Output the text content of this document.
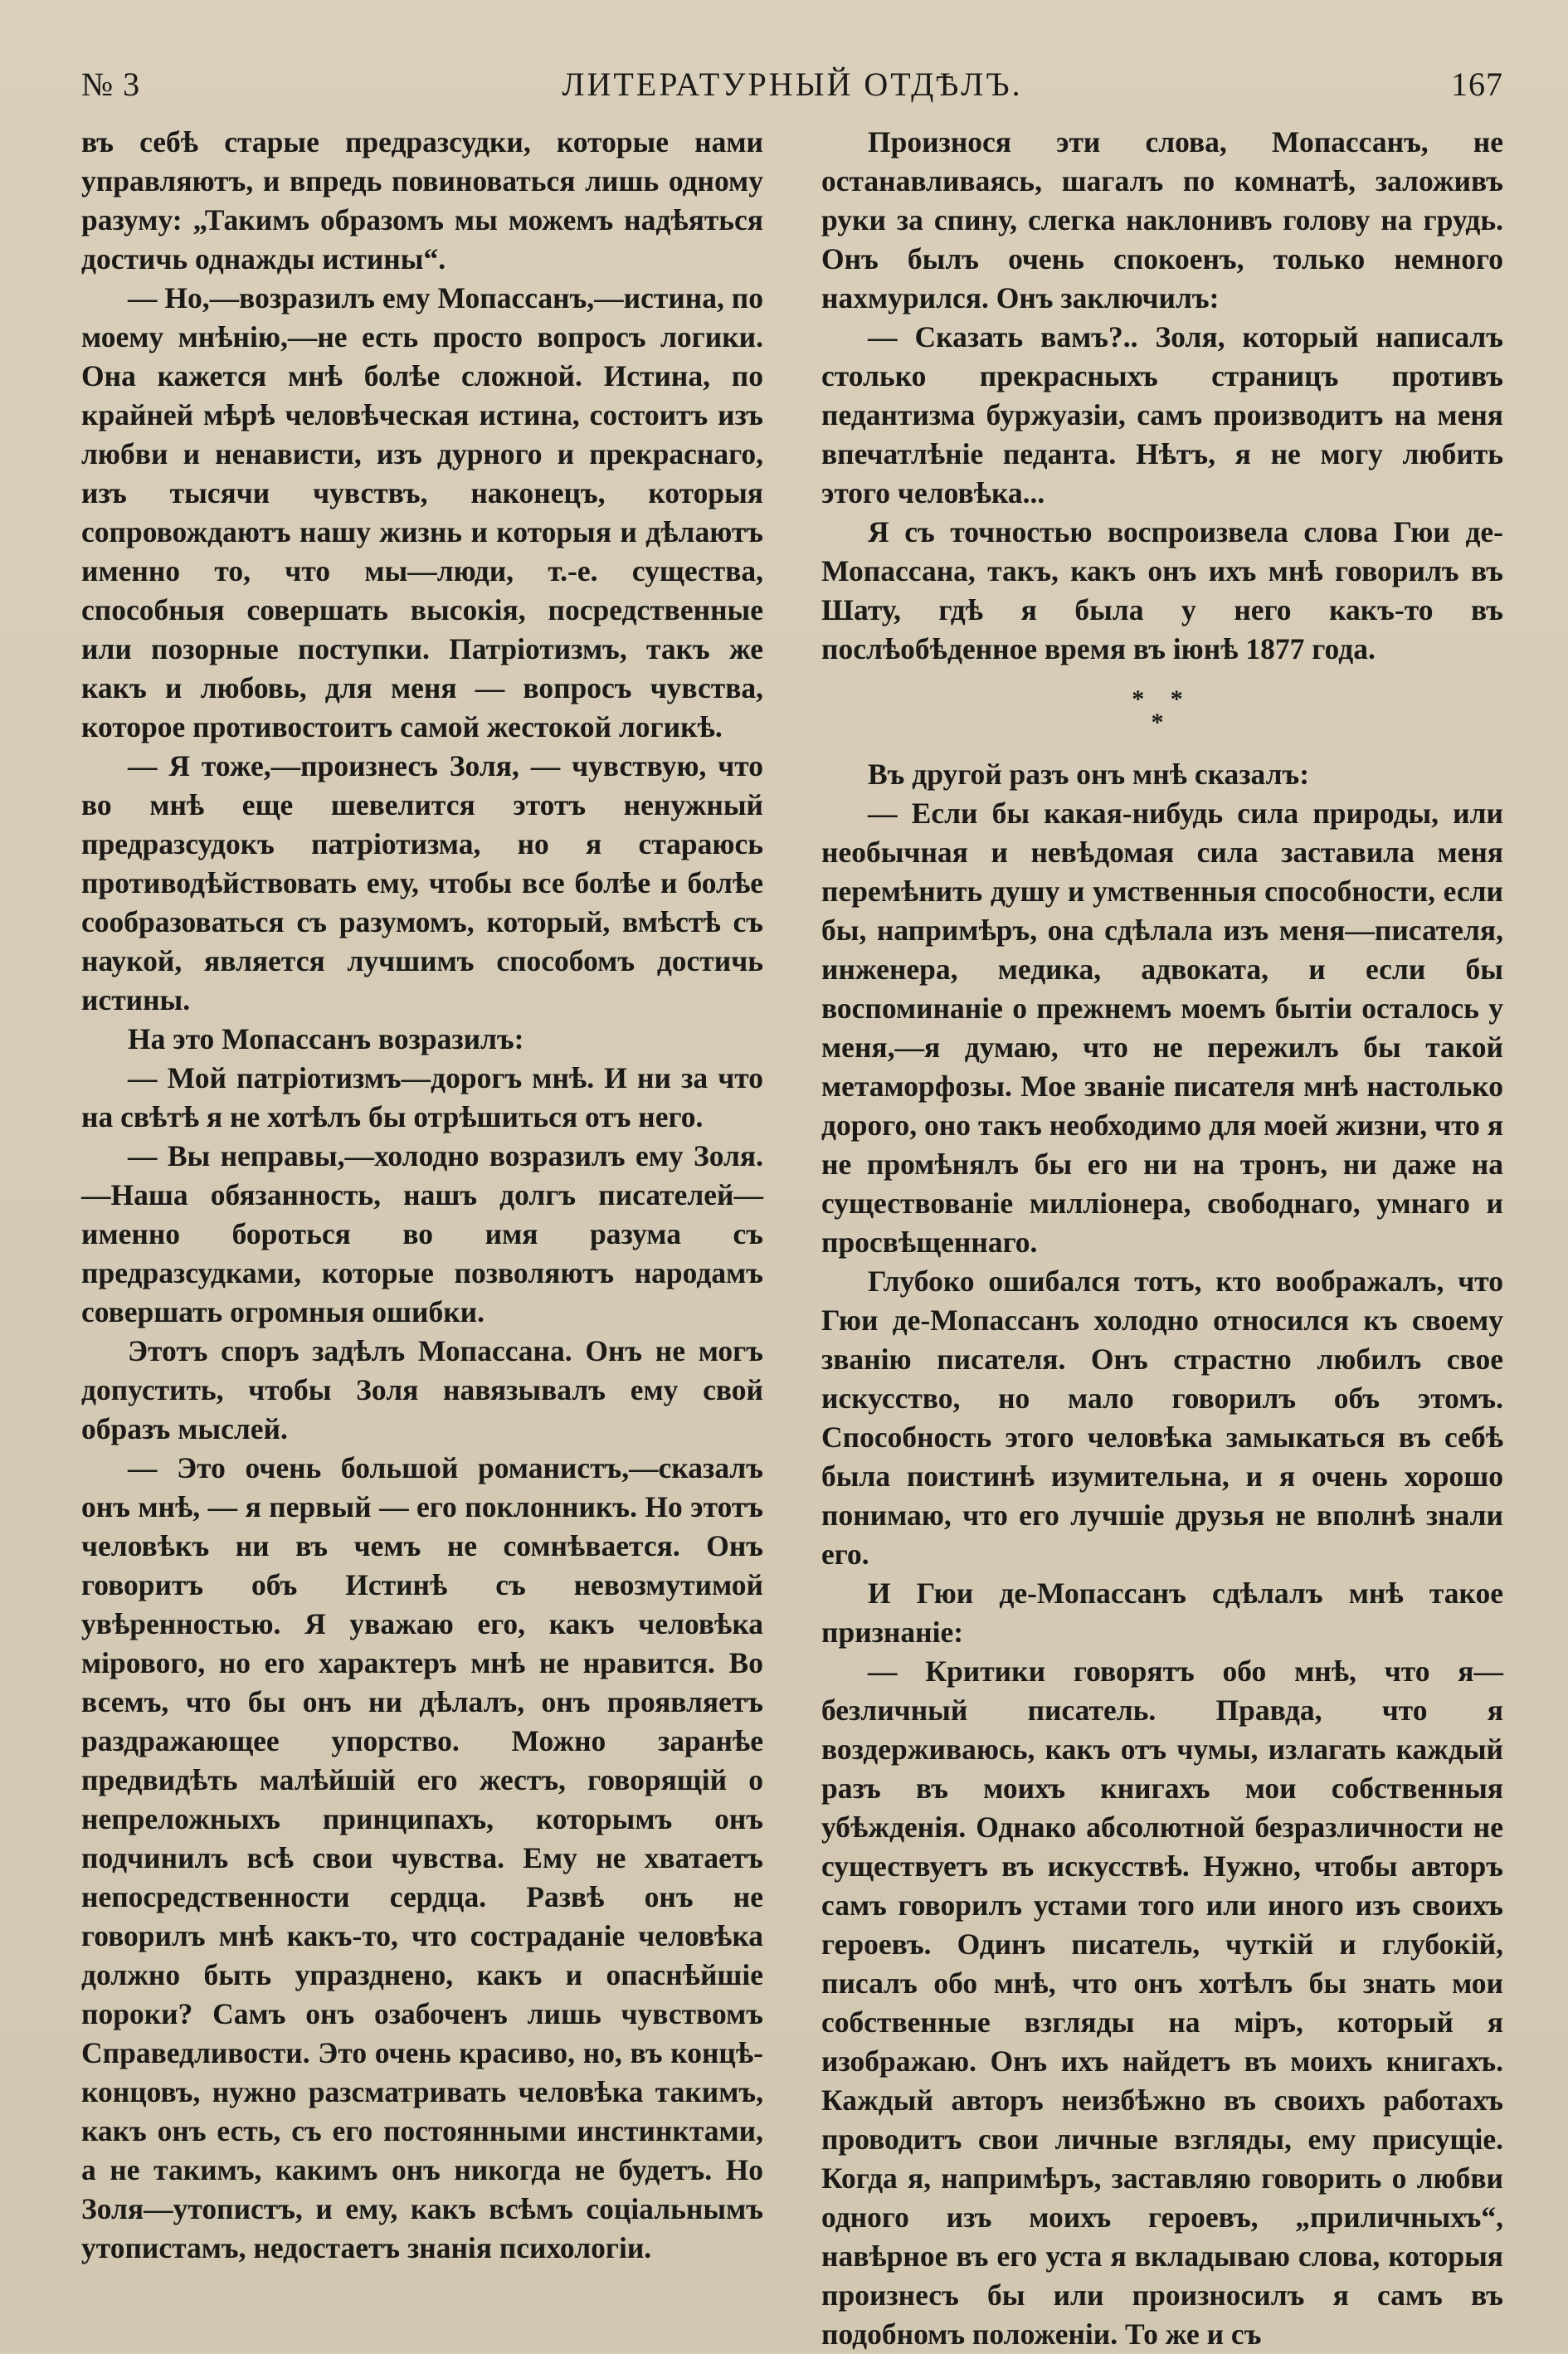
№ 3	ЛИТЕРАТУРНЫЙ ОТДѢЛЪ.	167

въ себѣ старые предразсудки, которые нами управляютъ, и впредь повиноваться лишь одному разуму: „Такимъ образомъ мы можемъ надѣяться достичь однажды истины“.

— Но,—возразилъ ему Мопассанъ,—истина, по моему мнѣнію,—не есть просто вопросъ логики. Она кажется мнѣ болѣе сложной. Истина, по крайней мѣрѣ человѣческая истина, состоитъ изъ любви и ненависти, изъ дурного и прекраснаго, изъ тысячи чувствъ, наконецъ, которыя сопровождаютъ нашу жизнь и которыя и дѣлаютъ именно то, что мы—люди, т.-е. существа, способныя совершать высокія, посредственные или позорные поступки. Патріотизмъ, такъ же какъ и любовь, для меня — вопросъ чувства, которое противостоитъ самой жестокой логикѣ.

— Я тоже,—произнесъ Золя, — чувствую, что во мнѣ еще шевелится этотъ ненужный предразсудокъ патріотизма, но я стараюсь противодѣйствовать ему, чтобы все болѣе и болѣе сообразоваться съ разумомъ, который, вмѣстѣ съ наукой, является лучшимъ способомъ достичь истины.

На это Мопассанъ возразилъ:

— Мой патріотизмъ—дорогъ мнѣ. И ни за что на свѣтѣ я не хотѣлъ бы отрѣшиться отъ него.

— Вы неправы,—холодно возразилъ ему Золя.—Наша обязанность, нашъ долгъ писателей—именно бороться во имя разума съ предразсудками, которые позволяютъ народамъ совершать огромныя ошибки.

Этотъ споръ задѣлъ Мопассана. Онъ не могъ допустить, чтобы Золя навязывалъ ему свой образъ мыслей.

— Это очень большой романистъ,—сказалъ онъ мнѣ, — я первый — его поклонникъ. Но этотъ человѣкъ ни въ чемъ не сомнѣвается. Онъ говоритъ объ Истинѣ съ невозмутимой увѣренностью. Я уважаю его, какъ человѣка мірового, но его характеръ мнѣ не нравится. Во всемъ, что бы онъ ни дѣлалъ, онъ проявляетъ раздражающее упорство. Можно заранѣе предвидѣть малѣйшій его жестъ, говорящій о непреложныхъ принципахъ, которымъ онъ подчинилъ всѣ свои чувства. Ему не хватаетъ непосредственности сердца. Развѣ онъ не говорилъ мнѣ какъ-то, что состраданіе человѣка должно быть упразднено, какъ и опаснѣйшіе пороки? Самъ онъ озабоченъ лишь чувствомъ Справедливости. Это очень красиво, но, въ концѣ-концовъ, нужно разсматривать человѣка такимъ, какъ онъ есть, съ его постоянными инстинктами, а не такимъ, какимъ онъ никогда не будетъ. Но Золя—утопистъ, и ему, какъ всѣмъ соціальнымъ утопистамъ, недостаетъ знанія психологіи.

Произнося эти слова, Мопассанъ, не останавливаясь, шагалъ по комнатѣ, заложивъ руки за спину, слегка наклонивъ голову на грудь. Онъ былъ очень спокоенъ, только немного нахмурился. Онъ заключилъ:

— Сказать вамъ?.. Золя, который написалъ столько прекрасныхъ страницъ противъ педантизма буржуазіи, самъ производитъ на меня впечатлѣніе педанта. Нѣтъ, я не могу любить этого человѣка...

Я съ точностью воспроизвела слова Гюи де-Мопассана, такъ, какъ онъ ихъ мнѣ говорилъ въ Шату, гдѣ я была у него какъ-то въ послѣобѣденное время въ іюнѣ 1877 года.

* *
*

Въ другой разъ онъ мнѣ сказалъ:

— Если бы какая-нибудь сила природы, или необычная и невѣдомая сила заставила меня перемѣнить душу и умственныя способности, если бы, напримѣръ, она сдѣлала изъ меня—писателя, инженера, медика, адвоката, и если бы воспоминаніе о прежнемъ моемъ бытіи осталось у меня,—я думаю, что не пережилъ бы такой метаморфозы. Мое званіе писателя мнѣ настолько дорого, оно такъ необходимо для моей жизни, что я не промѣнялъ бы его ни на тронъ, ни даже на существованіе милліонера, свободнаго, умнаго и просвѣщеннаго.

Глубоко ошибался тотъ, кто воображалъ, что Гюи де-Мопассанъ холодно относился къ своему званію писателя. Онъ страстно любилъ свое искусство, но мало говорилъ объ этомъ. Способность этого человѣка замыкаться въ себѣ была поистинѣ изумительна, и я очень хорошо понимаю, что его лучшіе друзья не вполнѣ знали его.

И Гюи де-Мопассанъ сдѣлалъ мнѣ такое признаніе:

— Критики говорятъ обо мнѣ, что я—безличный писатель. Правда, что я воздерживаюсь, какъ отъ чумы, излагать каждый разъ въ моихъ книгахъ мои собственныя убѣжденія. Однако абсолютной безразличности не существуетъ въ искусствѣ. Нужно, чтобы авторъ самъ говорилъ устами того или иного изъ своихъ героевъ. Одинъ писатель, чуткій и глубокій, писалъ обо мнѣ, что онъ хотѣлъ бы знать мои собственные взгляды на міръ, который я изображаю. Онъ ихъ найдетъ въ моихъ книгахъ. Каждый авторъ неизбѣжно въ своихъ работахъ проводитъ свои личные взгляды, ему присущіе. Когда я, напримѣръ, заставляю говорить о любви одного изъ моихъ героевъ, „приличныхъ“, навѣрное въ его уста я вкладываю слова, которыя произнесъ бы или произносилъ я самъ въ подобномъ положеніи. То же и съ
